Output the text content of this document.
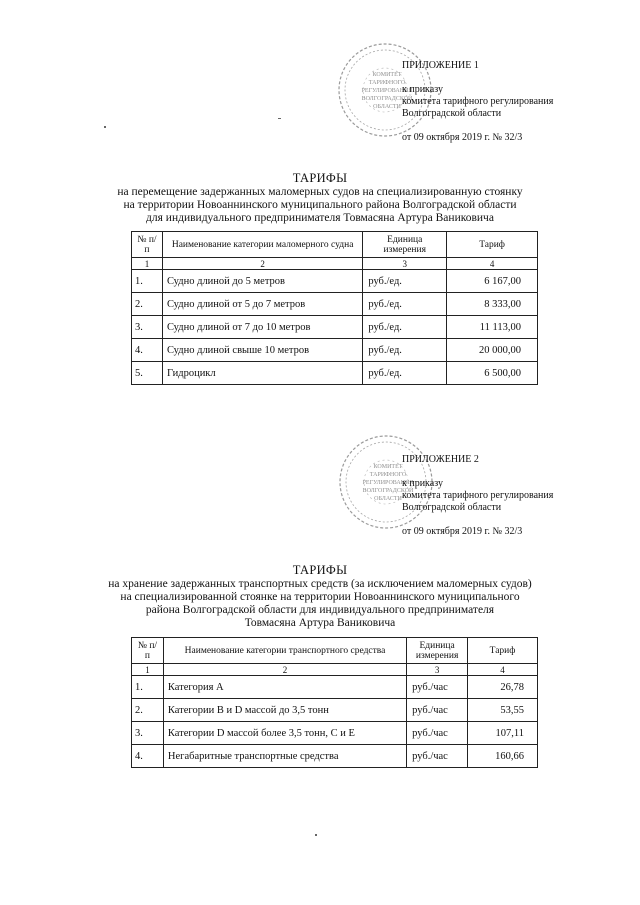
КОМИТЕТ
ТАРИФНОГО
РЕГУЛИРОВАНИЯ
ВОЛГОГРАДСКОЙ
ОБЛАСТИ
ПРИЛОЖЕНИЕ 1
к приказу
комитета тарифного регулирования
Волгоградской области
от 09 октября 2019 г. № 32/3
ТАРИФЫ
на перемещение задержанных маломерных судов на специализированную стоянку
на территории Новоаннинского муниципального района Волгоградской области
для индивидуального предпринимателя Товмасяна Артура Ваниковича
№ п/п	Наименование категории маломерного судна	Единица измерения	Тариф
1	2	3	4
1.	Судно длиной до 5 метров	руб./ед.	6 167,00
2.	Судно длиной от 5 до 7 метров	руб./ед.	8 333,00
3.	Судно длиной от 7 до 10 метров	руб./ед.	11 113,00
4.	Судно длиной свыше 10 метров	руб./ед.	20 000,00
5.	Гидроцикл	руб./ед.	6 500,00
КОМИТЕТ
ТАРИФНОГО
РЕГУЛИРОВАНИЯ
ВОЛГОГРАДСКОЙ
ОБЛАСТИ
ПРИЛОЖЕНИЕ 2
к приказу
комитета тарифного регулирования
Волгоградской области
от 09 октября 2019 г. № 32/3
ТАРИФЫ
на хранение задержанных транспортных средств (за исключением маломерных судов)
на специализированной стоянке на территории Новоаннинского муниципального
района Волгоградской области для индивидуального предпринимателя
Товмасяна Артура Ваниковича
№ п/п	Наименование категории транспортного средства	Единица измерения	Тариф
1	2	3	4
1.	Категория А	руб./час	26,78
2.	Категории В и D массой до 3,5 тонн	руб./час	53,55
3.	Категории D массой более 3,5 тонн, С и Е	руб./час	107,11
4.	Негабаритные транспортные средства	руб./час	160,66
